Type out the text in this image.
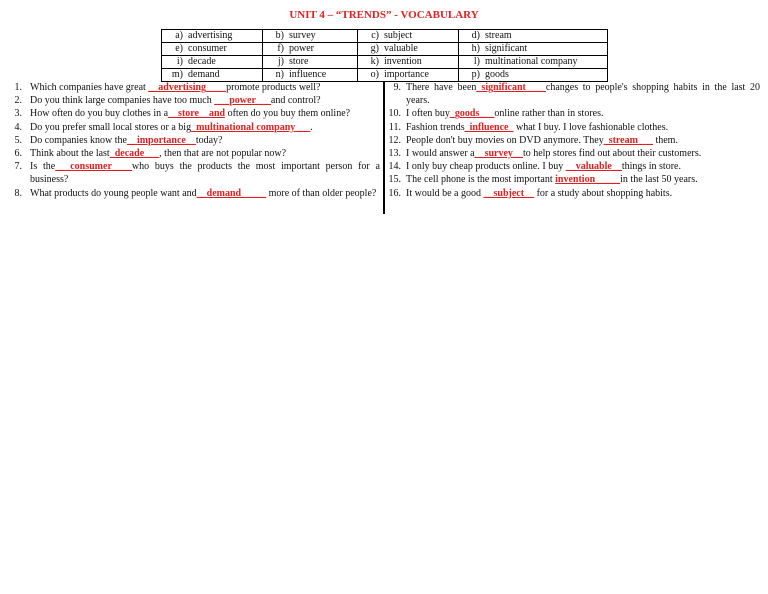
UNIT 4 – “TRENDS” - VOCABULARY
a) advertising	b) survey	c) subject	d) stream
e) consumer	f) power	g) valuable	h) significant
i) decade	j) store	k) invention	l) multinational company
m) demand	n) influence	o) importance	p) goods
1. Which companies have great __advertising____promote products well?
2. Do you think large companies have too much ___power___and control?
3. How often do you buy clothes in a__store__and often do you buy them online?
4. Do you prefer small local stores or a big_multinational company___.
5. Do companies know the__importance__today?
6. Think about the last_decade___, then that are not popular now?
7. Is the___consumer____who buys the products the most important person for a business?
8. What products do young people want and__demand_____ more of than older people?
9. There have been_significant____changes to people's shopping habits in the last 20 years.
10. I often buy_goods___online rather than in stores.
11. Fashion trends_influence_ what I buy. I love fashionable clothes.
12. People don't buy movies on DVD anymore. They_stream___ them.
13. I would answer a__survey__to help stores find out about their customers.
14. I only buy cheap products online. I buy __valuable__things in store.
15. The cell phone is the most important invention_____in the last 50 years.
16. It would be a good __subject__ for a study about shopping habits.
